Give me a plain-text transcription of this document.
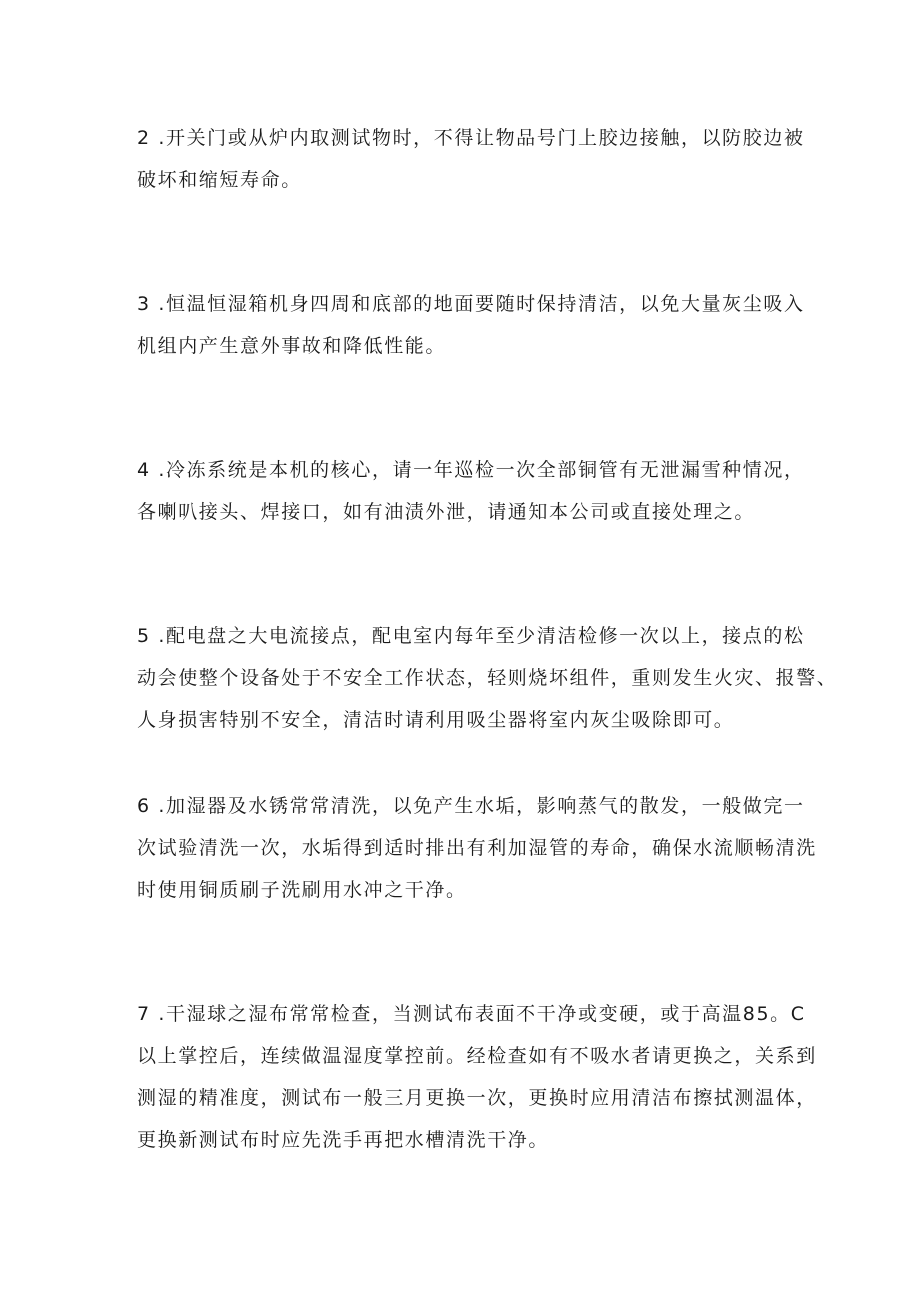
2 .开关门或从炉内取测试物时，不得让物品号门上胶边接触，以防胶边被
破坏和缩短寿命。

3 .恒温恒湿箱机身四周和底部的地面要随时保持清洁，以免大量灰尘吸入
机组内产生意外事故和降低性能。

4 .冷冻系统是本机的核心，请一年巡检一次全部铜管有无泄漏雪种情况，
各喇叭接头、焊接口，如有油渍外泄，请通知本公司或直接处理之。

5 .配电盘之大电流接点，配电室内每年至少清洁检修一次以上，接点的松
动会使整个设备处于不安全工作状态，轻则烧坏组件，重则发生火灾、报警、
人身损害特别不安全，清洁时请利用吸尘器将室内灰尘吸除即可。

6 .加湿器及水锈常常清洗，以免产生水垢，影响蒸气的散发，一般做完一
次试验清洗一次，水垢得到适时排出有利加湿管的寿命，确保水流顺畅清洗
时使用铜质刷子洗刷用水冲之干净。

7 .干湿球之湿布常常检查，当测试布表面不干净或变硬，或于高温85。C
以上掌控后，连续做温湿度掌控前。经检查如有不吸水者请更换之，关系到
测湿的精准度，测试布一般三月更换一次，更换时应用清洁布擦拭测温体，
更换新测试布时应先洗手再把水槽清洗干净。
